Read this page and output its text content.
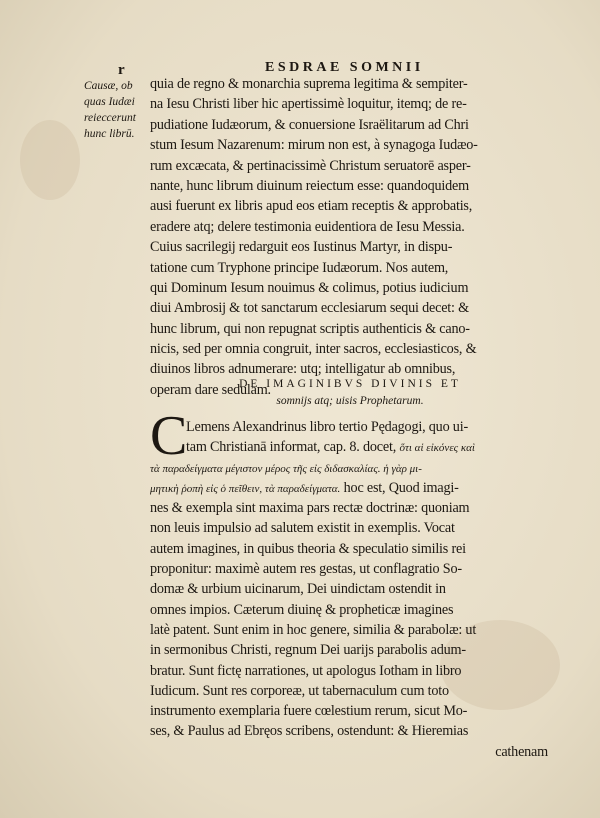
r	ESDRAE SOMNII
Causæ, ob
quas Iudæi
reieccerunt
hunc librū.
quia de regno & monarchia suprema legitima & sempiter-
na Iesu Christi liber hic apertissimè loquitur, itemq; de re-
pudiatione Iudæorum, & conuersione Israëlitarum ad Chri
stum Iesum Nazarenum: mirum non est, à synagoga Iudæo-
rum excæcata, & pertinacissimè Christum seruatorē asper-
nante, hunc librum diuinum reiectum esse: quandoquidem
ausi fuerunt ex libris apud eos etiam receptis & approbatis,
eradere atq; delere testimonia euidentiora de Iesu Messia.
Cuius sacrilegij redarguit eos Iustinus Martyr, in dispu-
tatione cum Tryphone principe Iudæorum. Nos autem,
qui Dominum Iesum nouimus & colimus, potius iudicium
diui Ambrosij & tot sanctarum ecclesiarum sequi decet: &
hunc librum, qui non repugnat scriptis authenticis & cano-
nicis, sed per omnia congruit, inter sacros, ecclesiasticos, &
diuinos libros adnumerare: utq; intelligatur ab omnibus,
operam dare sedulam.
DE IMAGINIBVS DIVINIS ET
somnijs atq; uisis Prophetarum.
C
Lemens Alexandrinus libro tertio Pędagogi, quo ui-
tam Christianā informat, cap. 8. docet, ὅτι αἱ εἰκόνες καὶ
τὰ παραδείγματα μέγιστον μέρος τῆς εἰς διδασκαλίας. ἡ γὰρ μι-
μητικὴ ῥοπὴ εἰς ὁ πεῖθειν, τὰ παραδείγματα. hoc est, Quod imagi-
nes & exempla sint maxima pars rectæ doctrinæ: quoniam
non leuis impulsio ad salutem existit in exemplis. Vocat
autem imagines, in quibus theoria & speculatio similis rei
proponitur: maximè autem res gestas, ut conflagratio So-
domæ & urbium uicinarum, Dei uindictam ostendit in
omnes impios. Cæterum diuinę & propheticæ imagines
latè patent. Sunt enim in hoc genere, similia & parabolæ: ut
in sermonibus Christi, regnum Dei uarijs parabolis adum-
bratur. Sunt fictę narrationes, ut apologus Iotham in libro
Iudicum. Sunt res corporeæ, ut tabernaculum cum toto
instrumento exemplaria fuere cœlestium rerum, sicut Mo-
ses, & Paulus ad Ebręos scribens, ostendunt: & Hieremias
cathenam
